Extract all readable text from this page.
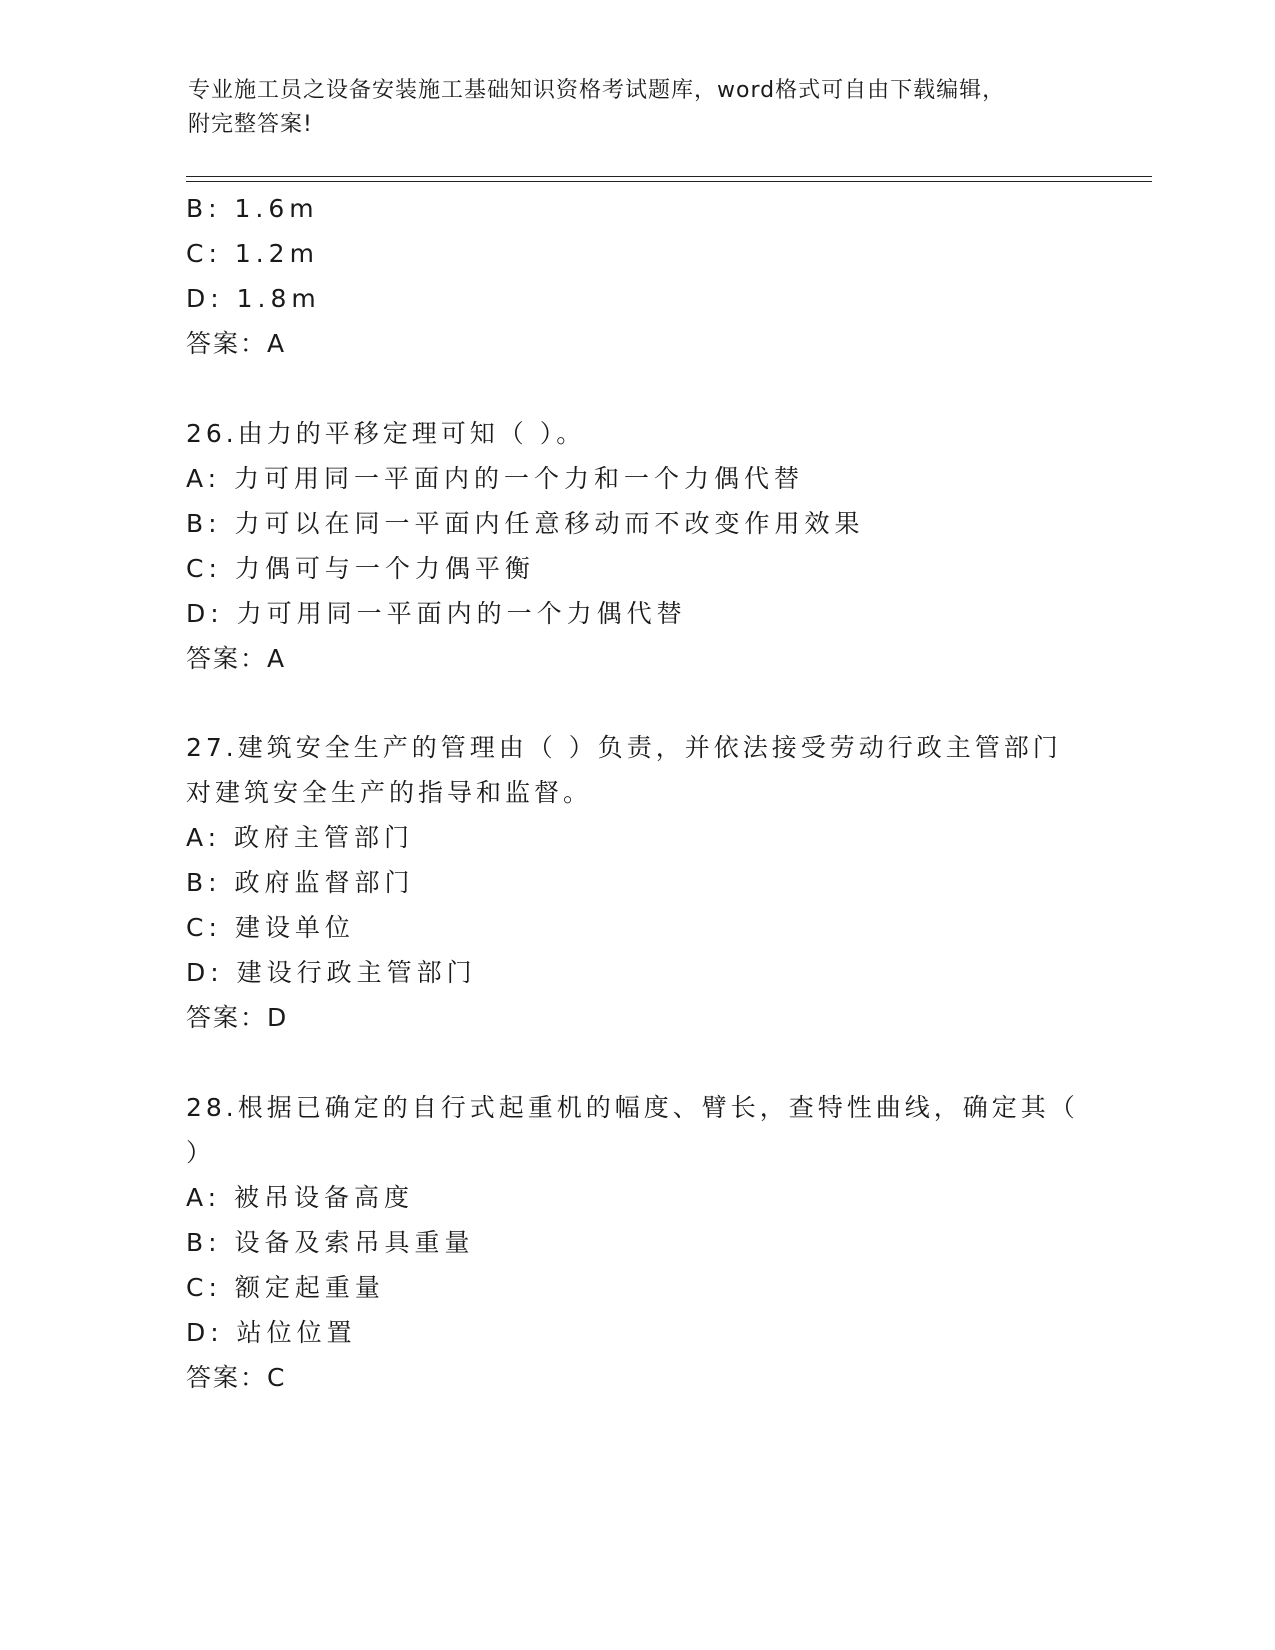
专业施工员之设备安装施工基础知识资格考试题库，word格式可自由下载编辑，
附完整答案!
B: 1.6m
C: 1.2m
D: 1.8m
答案：A
26.由力的平移定理可知（ ）。
A: 力可用同一平面内的一个力和一个力偶代替
B: 力可以在同一平面内任意移动而不改变作用效果
C: 力偶可与一个力偶平衡
D: 力可用同一平面内的一个力偶代替
答案：A
27.建筑安全生产的管理由（ ）负责，并依法接受劳动行政主管部门
对建筑安全生产的指导和监督。
A: 政府主管部门
B: 政府监督部门
C: 建设单位
D: 建设行政主管部门
答案：D
28.根据已确定的自行式起重机的幅度、臂长，查特性曲线，确定其（
）
A: 被吊设备高度
B: 设备及索吊具重量
C: 额定起重量
D: 站位位置
答案：C
